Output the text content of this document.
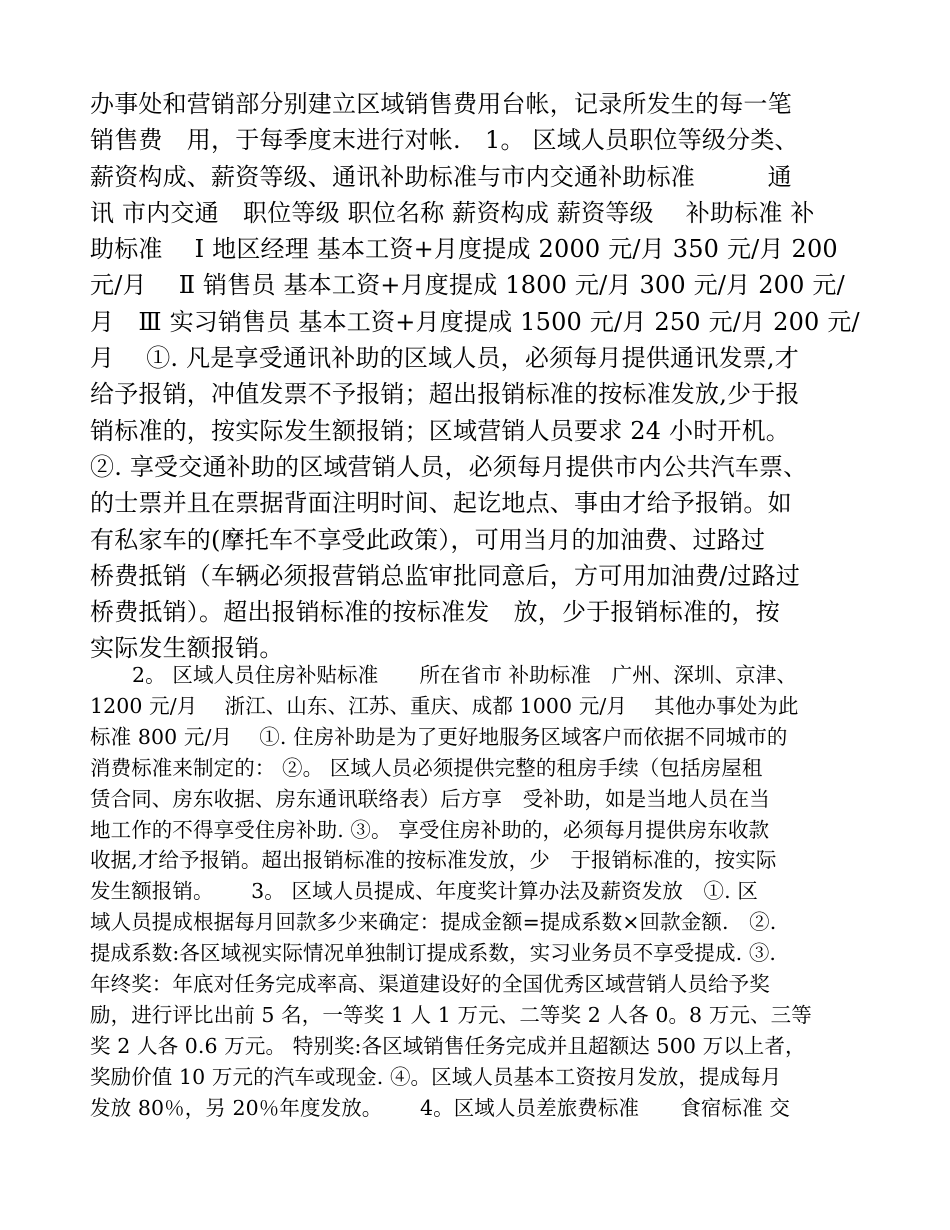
办事处和营销部分别建立区域销售费用台帐，记录所发生的每一笔
销售费　用，于每季度末进行对帐.　1。 区域人员职位等级分类、
薪资构成、薪资等级、通讯补助标准与市内交通补助标准　　　通
讯 市内交通　职位等级 职位名称 薪资构成 薪资等级　 补助标准 补
助标准　 Ⅰ 地区经理 基本工资+月度提成 2000 元/月 350 元/月 200
元/月　 Ⅱ 销售员 基本工资+月度提成 1800 元/月 300 元/月 200 元/
月　Ⅲ 实习销售员 基本工资+月度提成 1500 元/月 250 元/月 200 元/
月　 ①. 凡是享受通讯补助的区域人员，必须每月提供通讯发票,才
给予报销，冲值发票不予报销；超出报销标准的按标准发放,少于报
销标准的，按实际发生额报销；区域营销人员要求 24 小时开机。
②. 享受交通补助的区域营销人员，必须每月提供市内公共汽车票、
的士票并且在票据背面注明时间、起讫地点、事由才给予报销。如
有私家车的(摩托车不享受此政策），可用当月的加油费、过路过
桥费抵销（车辆必须报营销总监审批同意后，方可用加油费/过路过
桥费抵销）。超出报销标准的按标准发　放，少于报销标准的，按
实际发生额报销。
2。 区域人员住房补贴标准　　所在省市 补助标准　广州、深圳、京津、
1200 元/月　 浙江、山东、江苏、重庆、成都 1000 元/月　 其他办事处为此
标准 800 元/月　 ①. 住房补助是为了更好地服务区域客户而依据不同城市的
消费标准来制定的： ②。 区域人员必须提供完整的租房手续（包括房屋租
赁合同、房东收据、房东通讯联络表）后方享　受补助，如是当地人员在当
地工作的不得享受住房补助. ③。 享受住房补助的，必须每月提供房东收款
收据,才给予报销。超出报销标准的按标准发放，少　于报销标准的，按实际
发生额报销。　　 3。 区域人员提成、年度奖计算办法及薪资发放　①. 区
域人员提成根据每月回款多少来确定：提成金额=提成系数×回款金额.　②.
提成系数:各区域视实际情况单独制订提成系数，实习业务员不享受提成. ③.
年终奖：年底对任务完成率高、渠道建设好的全国优秀区域营销人员给予奖
励，进行评比出前 5 名，一等奖 1 人 1 万元、二等奖 2 人各 0。8 万元、三等
奖 2 人各 0.6 万元。 特别奖:各区域销售任务完成并且超额达 500 万以上者，
奖励价值 10 万元的汽车或现金. ④。区域人员基本工资按月发放，提成每月
发放 80％，另 20％年度发放。　　 4。区域人员差旅费标准　　食宿标准 交
